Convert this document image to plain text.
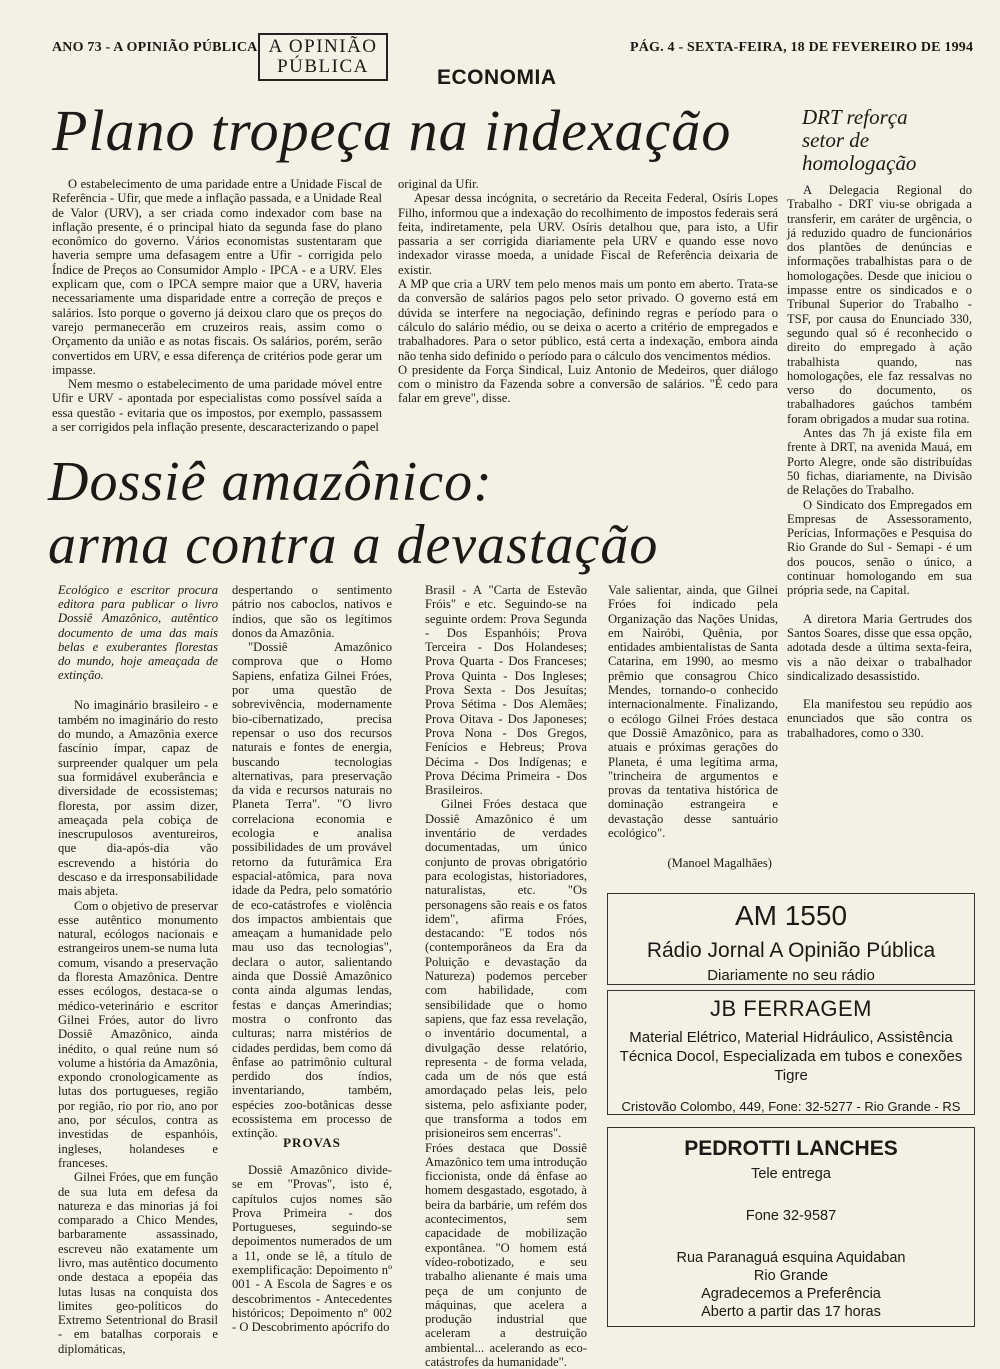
ANO 73 - A OPINIÃO PÚBLICA A OPINIÃO
PÚBLICA
PÁG. 4 - SEXTA-FEIRA, 18 DE FEVEREIRO DE 1994
ECONOMIA
Plano tropeça na indexação

O estabelecimento de uma paridade entre a Unidade Fiscal de Referência - Ufir, que mede a inflação passada, e a Unidade Real de Valor (URV), a ser criada como indexador com base na inflação presente, é o principal hiato da segunda fase do plano econômico do governo. Vários economistas sustentaram que haveria sempre uma defasagem entre a Ufir - corrigida pelo Índice de Preços ao Consumidor Amplo - IPCA - e a URV. Eles explicam que, com o IPCA sempre maior que a URV, haveria necessariamente uma disparidade entre a correção de preços e salários. Isto porque o governo já deixou claro que os preços do varejo permanecerão em cruzeiros reais, assim como o Orçamento da união e as notas fiscais. Os salários, porém, serão convertidos em URV, e essa diferença de critérios pode gerar um impasse.

Nem mesmo o estabelecimento de uma paridade móvel entre Ufir e URV - apontada por especialistas como possível saída a essa questão - evitaria que os impostos, por exemplo, passassem a ser corrigidos pela inflação presente, descaracterizando o papel

original da Ufir.

Apesar dessa incógnita, o secretário da Receita Federal, Osíris Lopes Filho, informou que a indexação do recolhimento de impostos federais será feita, indiretamente, pela URV. Osíris detalhou que, para isto, a Ufir passaria a ser corrigida diariamente pela URV e quando esse novo indexador virasse moeda, a unidade Fiscal de Referência deixaria de existir.

A MP que cria a URV tem pelo menos mais um ponto em aberto. Trata-se da conversão de salários pagos pelo setor privado. O governo está em dúvida se interfere na negociação, definindo regras e período para o cálculo do salário médio, ou se deixa o acerto a critério de empregados e trabalhadores. Para o setor público, está certa a indexação, embora ainda não tenha sido definido o período para o cálculo dos vencimentos médios.

O presidente da Força Sindical, Luiz Antonio de Medeiros, quer diálogo com o ministro da Fazenda sobre a conversão de salários. "É cedo para falar em greve", disse.

DRT reforça
setor de
homologação

A Delegacia Regional do Trabalho - DRT viu-se obrigada a transferir, em caráter de urgência, o já reduzido quadro de funcionários dos plantões de denúncias e informações trabalhistas para o de homologações. Desde que iniciou o impasse entre os sindicados e o Tribunal Superior do Trabalho - TSF, por causa do Enunciado 330, segundo qual só é reconhecido o direito do empregado à ação trabalhista quando, nas homologações, ele faz ressalvas no verso do documento, os trabalhadores gaúchos também foram obrigados a mudar sua rotina.

Antes das 7h já existe fila em frente à DRT, na avenida Mauá, em Porto Alegre, onde são distribuídas 50 fichas, diariamente, na Divisão de Relações do Trabalho.

O Sindicato dos Empregados em Empresas de Assessoramento, Perícias, Informações e Pesquisa do Rio Grande do Sul - Semapi - é um dos poucos, senão o único, a continuar homologando em sua própria sede, na Capital.

A diretora Maria Gertrudes dos Santos Soares, disse que essa opção, adotada desde a última sexta-feira, vis a não deixar o trabalhador sindicalizado desassistido.

Ela manifestou seu repúdio aos enunciados que são contra os trabalhadores, como o 330.

Dossiê amazônico:
arma contra a devastação
Ecológico e escritor procura editora para publicar o livro Dossiê Amazônico, autêntico documento de uma das mais belas e exuberantes florestas do mundo, hoje ameaçada de extinção.

No imaginário brasileiro - e também no imaginário do resto do mundo, a Amazônia exerce fascínio ímpar, capaz de surpreender qualquer um pela sua formidável exuberância e diversidade de ecossistemas; floresta, por assim dizer, ameaçada pela cobiça de inescrupulosos aventureiros, que dia-após-dia vão escrevendo a história do descaso e da irresponsabilidade mais abjeta.

Com o objetivo de preservar esse autêntico monumento natural, ecólogos nacionais e estrangeiros unem-se numa luta comum, visando a preservação da floresta Amazônica. Dentre esses ecólogos, destaca-se o médico-veterinário e escritor Gilnei Fróes, autor do livro Dossiê Amazônico, ainda inédito, o qual reúne num só volume a história da Amazônia, expondo cronologicamente as lutas dos portugueses, região por região, rio por rio, ano por ano, por séculos, contra as investidas de espanhóis, ingleses, holandeses e franceses.

Gilnei Fróes, que em função de sua luta em defesa da natureza e das minorias já foi comparado a Chico Mendes, barbaramente assassinado, escreveu não exatamente um livro, mas autêntico documento onde destaca a epopéia das lutas lusas na conquista dos limites geo-políticos do Extremo Setentrional do Brasil - em batalhas corporais e diplomáticas,

despertando o sentimento pátrio nos caboclos, nativos e índios, que são os legítimos donos da Amazônia.

"Dossiê Amazônico comprova que o Homo Sapiens, enfatiza Gilnei Fróes, por uma questão de sobrevivência, modernamente bio-cibernatizado, precisa repensar o uso dos recursos naturais e fontes de energia, buscando tecnologias alternativas, para preservação da vida e recursos naturais no Planeta Terra". "O livro correlaciona economia e ecologia e analisa possibilidades de um provável retorno da futurâmica Era espacial-atômica, para nova idade da Pedra, pelo somatório de eco-catástrofes e violência dos impactos ambientais que ameaçam a humanidade pelo mau uso das tecnologias", declara o autor, salientando ainda que Dossiê Amazônico conta ainda algumas lendas, festas e danças Amerindias; mostra o confronto das culturas; narra mistérios de cidades perdidas, bem como dá ênfase ao patrimônio cultural perdido dos índios, inventariando, também, espécies zoo-botânicas desse ecossistema em processo de extinção.

PROVAS

Dossiê Amazônico divide-se em "Provas", isto é, capítulos cujos nomes são Prova Primeira - dos Portugueses, seguindo-se depoimentos numerados de um a 11, onde se lê, a título de exemplificação: Depoimento nº 001 - A Escola de Sagres e os descobrimentos - Antecedentes históricos; Depoimento nº 002 - O Descobrimento apócrifo do

Brasil - A "Carta de Estevão Fróis" e etc. Seguindo-se na seguinte ordem: Prova Segunda - Dos Espanhóis; Prova Terceira - Dos Holandeses; Prova Quarta - Dos Franceses; Prova Quinta - Dos Ingleses; Prova Sexta - Dos Jesuítas; Prova Sétima - Dos Alemães; Prova Oitava - Dos Japoneses; Prova Nona - Dos Gregos, Fenícios e Hebreus; Prova Décima - Dos Indígenas; e Prova Décima Primeira - Dos Brasileiros.

Gilnei Fróes destaca que Dossiê Amazônico é um inventário de verdades documentadas, um único conjunto de provas obrigatório para ecologistas, historiadores, naturalistas, etc. "Os personagens são reais e os fatos idem", afirma Fróes, destacando: "E todos nós (contemporâneos da Era da Poluição e devastação da Natureza) podemos perceber com habilidade, com sensibilidade que o homo sapiens, que faz essa revelação, o inventário documental, a divulgação desse relatório, representa - de forma velada, cada um de nós que está amordaçado pelas leis, pelo sistema, pelo asfixiante poder, que transforma a todos em prisioneiros sem encerras".

Fróes destaca que Dossiê Amazônico tem uma introdução ficcionista, onde dá ênfase ao homem desgastado, esgotado, à beira da barbárie, um refém dos acontecimentos, sem capacidade de mobilização expontânea. "O homem está vídeo-robotizado, e seu trabalho alienante é mais uma peça de um conjunto de máquinas, que acelera a produção industrial que aceleram a destruição ambiental... acelerando as eco-catástrofes da humanidade".

Vale salientar, ainda, que Gilnei Fróes foi indicado pela Organização das Nações Unidas, em Nairóbi, Quênia, por entidades ambientalistas de Santa Catarina, em 1990, ao mesmo prêmio que consagrou Chico Mendes, tornando-o conhecido internacionalmente. Finalizando, o ecólogo Gilnei Fróes destaca que Dossiê Amazônico, para as atuais e próximas gerações do Planeta, é uma legítima arma, "trincheira de argumentos e provas da tentativa histórica de dominação estrangeira e devastação desse santuário ecológico".

(Manoel Magalhães)
AM 1550
Rádio Jornal A Opinião Pública
Diariamente no seu rádio
JB FERRAGEM
Material Elétrico, Material Hidráulico, Assistência Técnica Docol, Especializada em tubos e conexões Tigre
Cristovão Colombo, 449, Fone: 32-5277 - Rio Grande - RS
PEDROTTI LANCHES
Tele entrega
Fone 32-9587
Rua Paranaguá esquina Aquidaban
Rio Grande
Agradecemos a Preferência
Aberto a partir das 17 horas
